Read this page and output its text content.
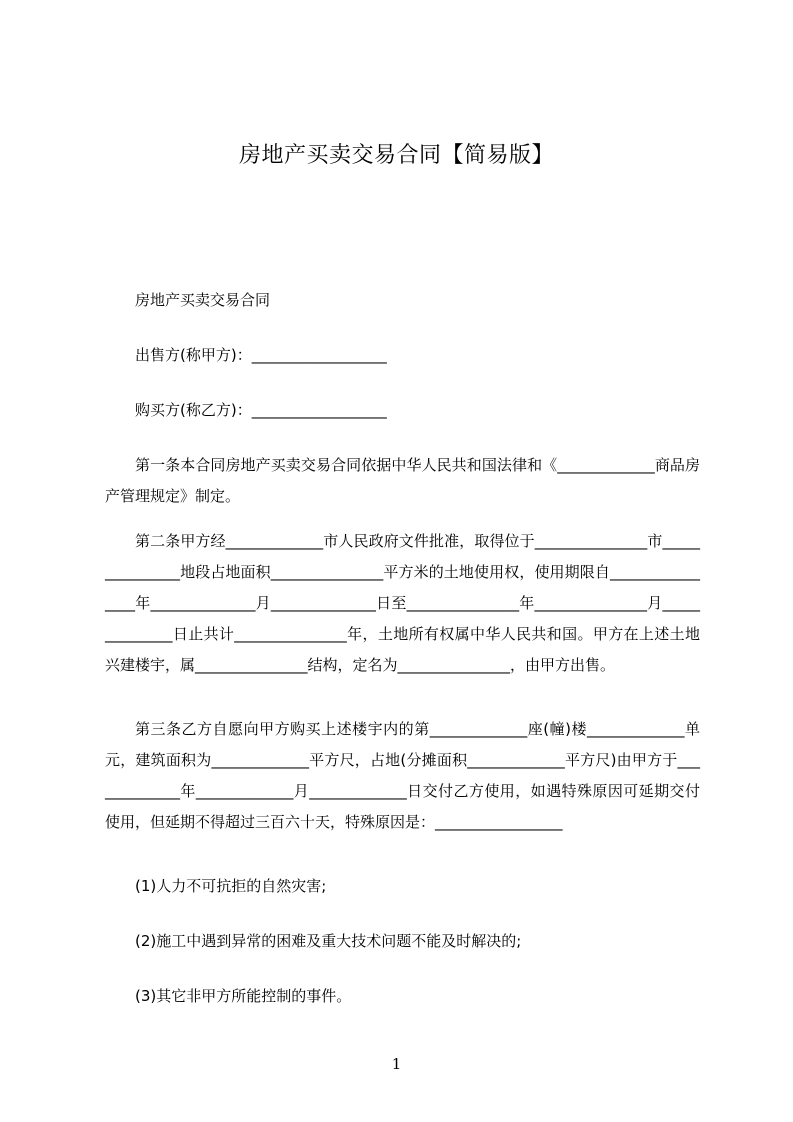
房地产买卖交易合同【简易版】

房地产买卖交易合同

出售方(称甲方)：__________________

购买方(称乙方)：__________________

第一条本合同房地产买卖交易合同依据中华人民共和国法律和《_____________商品房产管理规定》制定。

第二条甲方经_____________市人民政府文件批准，取得位于_______________市_______________地段占地面积_______________平方米的土地使用权，使用期限自________________年______________月______________日至_______________年_______________月______________日止共计_______________年，土地所有权属中华人民共和国。甲方在上述土地兴建楼宇，属_______________结构，定名为_______________，由甲方出售。

第三条乙方自愿向甲方购买上述楼宇内的第_____________座(幢)楼_____________单元，建筑面积为_____________平方尺，占地(分摊面积_____________平方尺)由甲方于_____________年_____________月_____________日交付乙方使用，如遇特殊原因可延期交付使用，但延期不得超过三百六十天，特殊原因是：_________________

(1)人力不可抗拒的自然灾害;

(2)施工中遇到异常的困难及重大技术问题不能及时解决的;

(3)其它非甲方所能控制的事件。

1
